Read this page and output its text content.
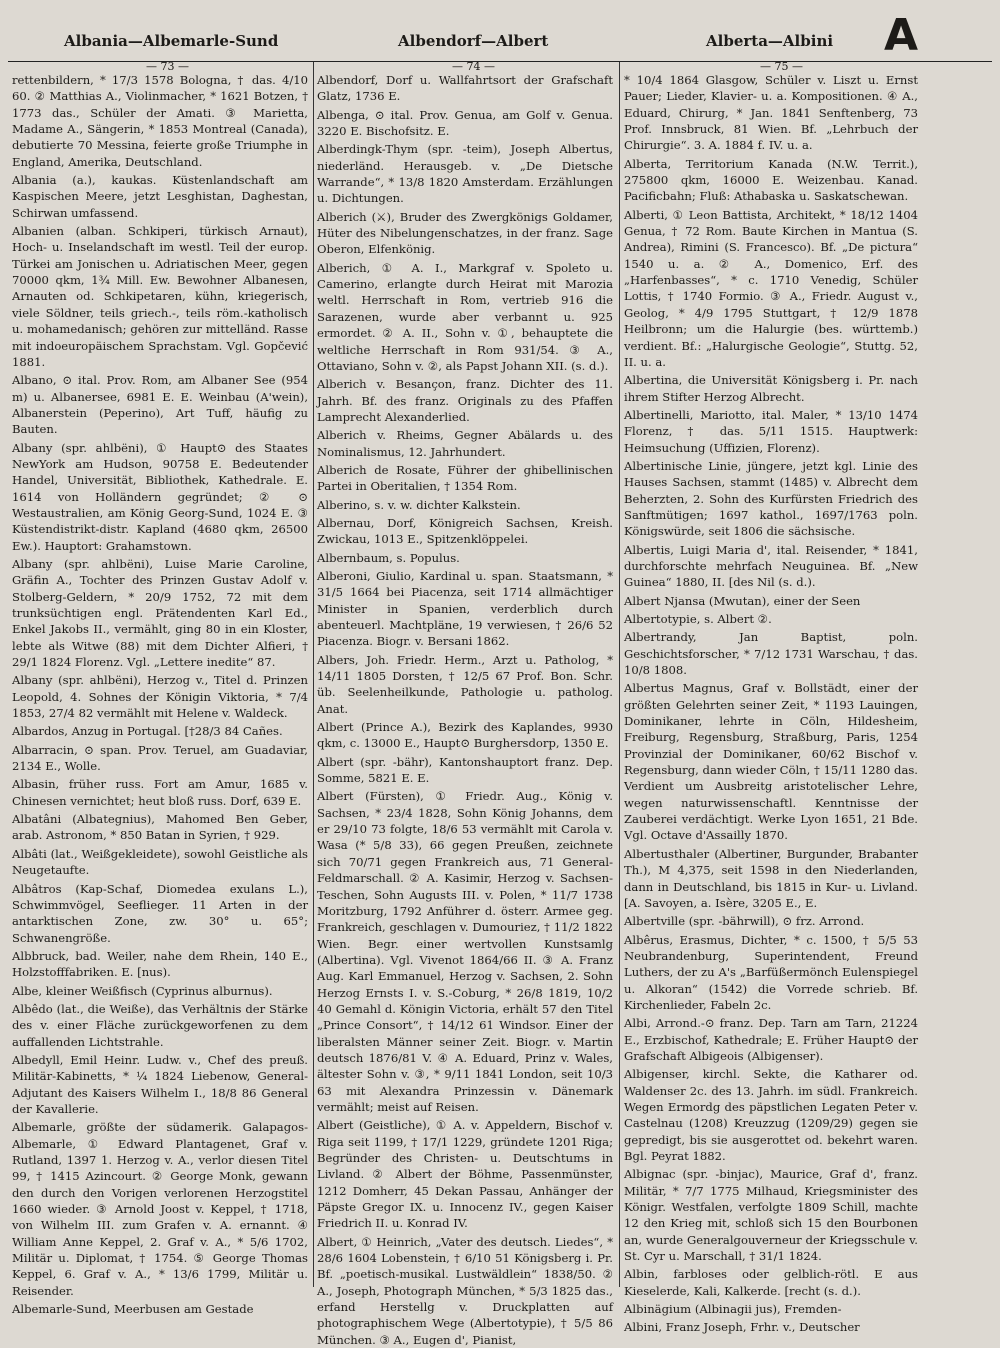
Albania—Albemarle-Sund	Albendorf—Albert	Alberta—Albini A
— 73 —	— 74 —	— 75 —

rettenbildern, * 17/3 1578 Bologna, † das. 4/10 60. ② Matthias A., Violinmacher, * 1621 Botzen, † 1773 das., Schüler der Amati. ③ Marietta, Madame A., Sängerin, * 1853 Montreal (Canada), debutierte 70 Messina, feierte große Triumphe in England, Amerika, Deutschland.

Albania (a.), kaukas. Küstenlandschaft am Kaspischen Meere, jetzt Lesghistan, Daghestan, Schirwan umfassend.

Albanien (alban. Schkiperi, türkisch Arnaut), Hoch- u. Inselandschaft im westl. Teil der europ. Türkei am Jonischen u. Adriatischen Meer, gegen 70000 qkm, 1¾ Mill. Ew. Bewohner Albanesen, Arnauten od. Schkipetaren, kühn, kriegerisch, viele Söldner, teils griech.-, teils röm.-katholisch u. mohamedanisch; gehören zur mittelländ. Rasse mit indoeuropäischem Sprachstam. Vgl. Gopčević 1881.

Albano, ⊙ ital. Prov. Rom, am Albaner See (954 m) u. Albanersee, 6981 E. E. Weinbau (A'wein), Albanerstein (Peperino), Art Tuff, häufig zu Bauten.

Albany (spr. ahlbëni), ① Haupt⊙ des Staates NewYork am Hudson, 90758 E. Bedeutender Handel, Universität, Bibliothek, Kathedrale. E. 1614 von Holländern gegründet; ② ⊙ Westaustralien, am König Georg-Sund, 1024 E. ③ Küstendistrikt-distr. Kapland (4680 qkm, 26500 Ew.). Hauptort: Grahamstown.

Albany (spr. ahlbëni), Luise Marie Caroline, Gräfin A., Tochter des Prinzen Gustav Adolf v. Stolberg-Geldern, * 20/9 1752, 72 mit dem trunksüchtigen engl. Prätendenten Karl Ed., Enkel Jakobs II., vermählt, ging 80 in ein Kloster, lebte als Witwe (88) mit dem Dichter Alfieri, † 29/1 1824 Florenz. Vgl. „Lettere inedite“ 87.

Albany (spr. ahlbëni), Herzog v., Titel d. Prinzen Leopold, 4. Sohnes der Königin Viktoria, * 7/4 1853, 27/4 82 vermählt mit Helene v. Waldeck.

Albardos, Anzug in Portugal. [†28/3 84 Cañes.

Albarracin, ⊙ span. Prov. Teruel, am Guadaviar, 2134 E., Wolle.

Albasin, früher russ. Fort am Amur, 1685 v. Chinesen vernichtet; heut bloß russ. Dorf, 639 E.

Albatâni (Albategnius), Mahomed Ben Geber, arab. Astronom, * 850 Batan in Syrien, † 929.

Albâti (lat., Weißgekleidete), sowohl Geistliche als Neugetaufte.

Albâtros (Kap-Schaf, Diomedea exulans L.), Schwimmvögel, Seeflieger. 11 Arten in der antarktischen Zone, zw. 30° u. 65°; Schwanengröße.

Albbruck, bad. Weiler, nahe dem Rhein, 140 E., Holzstofffabriken. E. [nus).

Albe, kleiner Weißfisch (Cyprinus alburnus).

Albêdo (lat., die Weiße), das Verhältnis der Stärke des v. einer Fläche zurückgeworfenen zu dem auffallenden Lichtstrahle.

Albedyll, Emil Heinr. Ludw. v., Chef des preuß. Militär-Kabinetts, * ¼ 1824 Liebenow, General-Adjutant des Kaisers Wilhelm I., 18/8 86 General der Kavallerie.

Albemarle, größte der südamerik. Galapagos-Albemarle, ① Edward Plantagenet, Graf v. Rutland, 1397 1. Herzog v. A., verlor diesen Titel 99, † 1415 Azincourt. ② George Monk, gewann den durch den Vorigen verlorenen Herzogstitel 1660 wieder. ③ Arnold Joost v. Keppel, † 1718, von Wilhelm III. zum Grafen v. A. ernannt. ④ William Anne Keppel, 2. Graf v. A., * 5/6 1702, Militär u. Diplomat, † 1754. ⑤ George Thomas Keppel, 6. Graf v. A., * 13/6 1799, Militär u. Reisender.

Albemarle-Sund, Meerbusen am Gestade

Albendorf, Dorf u. Wallfahrtsort der Grafschaft Glatz, 1736 E.

Albenga, ⊙ ital. Prov. Genua, am Golf v. Genua. 3220 E. Bischofsitz. E.

Alberdingk-Thym (spr. -teim), Joseph Albertus, niederländ. Herausgeb. v. „De Dietsche Warrande“, * 13/8 1820 Amsterdam. Erzählungen u. Dichtungen.

Alberich (⚔), Bruder des Zwergkönigs Goldamer, Hüter des Nibelungenschatzes, in der franz. Sage Oberon, Elfenkönig.

Alberich, ① A. I., Markgraf v. Spoleto u. Camerino, erlangte durch Heirat mit Marozia weltl. Herrschaft in Rom, vertrieb 916 die Sarazenen, wurde aber verbannt u. 925 ermordet. ② A. II., Sohn v. ①, behauptete die weltliche Herrschaft in Rom 931/54. ③ A., Ottaviano, Sohn v. ②, als Papst Johann XII. (s. d.).

Alberich v. Besançon, franz. Dichter des 11. Jahrh. Bf. des franz. Originals zu des Pfaffen Lamprecht Alexanderlied.

Alberich v. Rheims, Gegner Abälards u. des Nominalismus, 12. Jahrhundert.

Alberich de Rosate, Führer der ghibellinischen Partei in Oberitalien, † 1354 Rom.

Alberino, s. v. w. dichter Kalkstein.

Albernau, Dorf, Königreich Sachsen, Kreish. Zwickau, 1013 E., Spitzenklöppelei.

Albernbaum, s. Populus.

Alberoni, Giulio, Kardinal u. span. Staatsmann, * 31/5 1664 bei Piacenza, seit 1714 allmächtiger Minister in Spanien, verderblich durch abenteuerl. Machtpläne, 19 verwiesen, † 26/6 52 Piacenza. Biogr. v. Bersani 1862.

Albers, Joh. Friedr. Herm., Arzt u. Patholog, * 14/11 1805 Dorsten, † 12/5 67 Prof. Bon. Schr. üb. Seelenheilkunde, Pathologie u. patholog. Anat.

Albert (Prince A.), Bezirk des Kaplandes, 9930 qkm, c. 13000 E., Haupt⊙ Burghersdorp, 1350 E.

Albert (spr. -bähr), Kantonshauptort franz. Dep. Somme, 5821 E. E.

Albert (Fürsten), ① Friedr. Aug., König v. Sachsen, * 23/4 1828, Sohn König Johanns, dem er 29/10 73 folgte, 18/6 53 vermählt mit Carola v. Wasa (* 5/8 33), 66 gegen Preußen, zeichnete sich 70/71 gegen Frankreich aus, 71 General-Feldmarschall. ② A. Kasimir, Herzog v. Sachsen-Teschen, Sohn Augusts III. v. Polen, * 11/7 1738 Moritzburg, 1792 Anführer d. österr. Armee geg. Frankreich, geschlagen v. Dumouriez, † 11/2 1822 Wien. Begr. einer wertvollen Kunstsamlg (Albertina). Vgl. Vivenot 1864/66 II. ③ A. Franz Aug. Karl Emmanuel, Herzog v. Sachsen, 2. Sohn Herzog Ernsts I. v. S.-Coburg, * 26/8 1819, 10/2 40 Gemahl d. Königin Victoria, erhält 57 den Titel „Prince Consort“, † 14/12 61 Windsor. Einer der liberalsten Männer seiner Zeit. Biogr. v. Martin deutsch 1876/81 V. ④ A. Eduard, Prinz v. Wales, ältester Sohn v. ③, * 9/11 1841 London, seit 10/3 63 mit Alexandra Prinzessin v. Dänemark vermählt; meist auf Reisen.

Albert (Geistliche), ① A. v. Appeldern, Bischof v. Riga seit 1199, † 17/1 1229, gründete 1201 Riga; Begründer des Christen- u. Deutschtums in Livland. ② Albert der Böhme, Passenmünster, 1212 Domherr, 45 Dekan Passau, Anhänger der Päpste Gregor IX. u. Innocenz IV., gegen Kaiser Friedrich II. u. Konrad IV.

Albert, ① Heinrich, „Vater des deutsch. Liedes“, * 28/6 1604 Lobenstein, † 6/10 51 Königsberg i. Pr. Bf. „poetisch-musikal. Lustwäldlein“ 1838/50. ② A., Joseph, Photograph München, * 5/3 1825 das., erfand Herstellg v. Druckplatten auf photographischem Wege (Albertotypie), † 5/5 86 München. ③ A., Eugen d', Pianist,

* 10/4 1864 Glasgow, Schüler v. Liszt u. Ernst Pauer; Lieder, Klavier- u. a. Kompositionen. ④ A., Eduard, Chirurg, * Jan. 1841 Senftenberg, 73 Prof. Innsbruck, 81 Wien. Bf. „Lehrbuch der Chirurgie“. 3. A. 1884 f. IV. u. a.

Alberta, Territorium Kanada (N.W. Territ.), 275800 qkm, 16000 E. Weizenbau. Kanad. Pacificbahn; Fluß: Athabaska u. Saskatschewan.

Alberti, ① Leon Battista, Architekt, * 18/12 1404 Genua, † 72 Rom. Baute Kirchen in Mantua (S. Andrea), Rimini (S. Francesco). Bf. „De pictura“ 1540 u. a. ② A., Domenico, Erf. des „Harfenbasses“, * c. 1710 Venedig, Schüler Lottis, † 1740 Formio. ③ A., Friedr. August v., Geolog, * 4/9 1795 Stuttgart, † 12/9 1878 Heilbronn; um die Halurgie (bes. württemb.) verdient. Bf.: „Halurgische Geologie“, Stuttg. 52, II. u. a.

Albertina, die Universität Königsberg i. Pr. nach ihrem Stifter Herzog Albrecht.

Albertinelli, Mariotto, ital. Maler, * 13/10 1474 Florenz, † das. 5/11 1515. Hauptwerk: Heimsuchung (Uffizien, Florenz).

Albertinische Linie, jüngere, jetzt kgl. Linie des Hauses Sachsen, stammt (1485) v. Albrecht dem Beherzten, 2. Sohn des Kurfürsten Friedrich des Sanftmütigen; 1697 kathol., 1697/1763 poln. Königswürde, seit 1806 die sächsische.

Albertis, Luigi Maria d', ital. Reisender, * 1841, durchforschte mehrfach Neuguinea. Bf. „New Guinea“ 1880, II. [des Nil (s. d.).

Albert Njansa (Mwutan), einer der Seen

Albertotypie, s. Albert ②.

Albertrandy, Jan Baptist, poln. Geschichtsforscher, * 7/12 1731 Warschau, † das. 10/8 1808.

Albertus Magnus, Graf v. Bollstädt, einer der größten Gelehrten seiner Zeit, * 1193 Lauingen, Dominikaner, lehrte in Cöln, Hildesheim, Freiburg, Regensburg, Straßburg, Paris, 1254 Provinzial der Dominikaner, 60/62 Bischof v. Regensburg, dann wieder Cöln, † 15/11 1280 das. Verdient um Ausbreitg aristotelischer Lehre, wegen naturwissenschaftl. Kenntnisse der Zauberei verdächtigt. Werke Lyon 1651, 21 Bde. Vgl. Octave d'Assailly 1870.

Albertusthaler (Albertiner, Burgunder, Brabanter Th.), M 4,375, seit 1598 in den Niederlanden, dann in Deutschland, bis 1815 in Kur- u. Livland. [A. Savoyen, a. Isère, 3205 E., E.

Albertville (spr. -bährwill), ⊙ frz. Arrond.

Albêrus, Erasmus, Dichter, * c. 1500, † 5/5 53 Neubrandenburg, Superintendent, Freund Luthers, der zu A's „Barfüßermönch Eulenspiegel u. Alkoran“ (1542) die Vorrede schrieb. Bf. Kirchenlieder, Fabeln 2c.

Albi, Arrond.-⊙ franz. Dep. Tarn am Tarn, 21224 E., Erzbischof, Kathedrale; E. Früher Haupt⊙ der Grafschaft Albigeois (Albigenser).

Albigenser, kirchl. Sekte, die Katharer od. Waldenser 2c. des 13. Jahrh. im südl. Frankreich. Wegen Ermordg des päpstlichen Legaten Peter v. Castelnau (1208) Kreuzzug (1209/29) gegen sie gepredigt, bis sie ausgerottet od. bekehrt waren. Bgl. Peyrat 1882.

Albignac (spr. -binjac), Maurice, Graf d', franz. Militär, * 7/7 1775 Milhaud, Kriegsminister des Königr. Westfalen, verfolgte 1809 Schill, machte 12 den Krieg mit, schloß sich 15 den Bourbonen an, wurde Generalgouverneur der Kriegsschule v. St. Cyr u. Marschall, † 31/1 1824.

Albin, farbloses oder gelblich-rötl. E aus Kieselerde, Kali, Kalkerde. [recht (s. d.).

Albinägium (Albinagii jus), Fremden-

Albini, Franz Joseph, Frhr. v., Deutscher
